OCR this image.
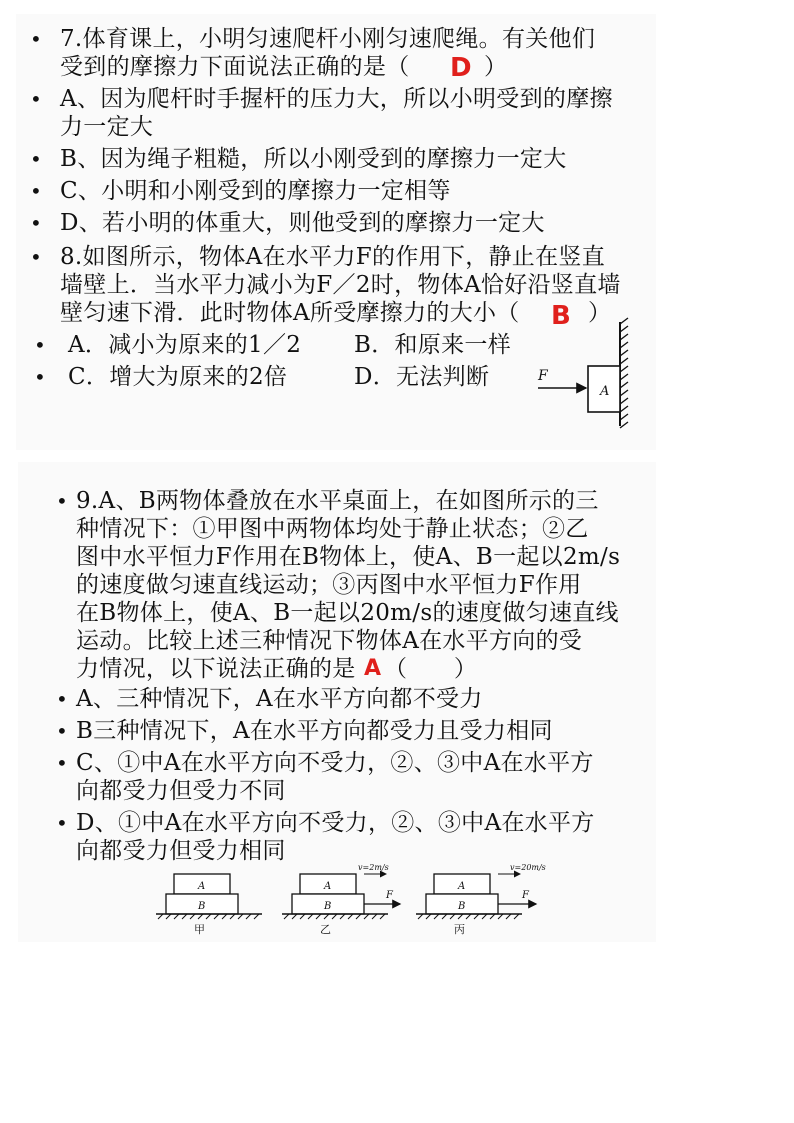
• 7.体育课上，小明匀速爬杆小刚匀速爬绳。有关他们
受到的摩擦力下面说法正确的是（ D ）
• A、因为爬杆时手握杆的压力大，所以小明受到的摩擦
力一定大
• B、因为绳子粗糙，所以小刚受到的摩擦力一定大
• C、小明和小刚受到的摩擦力一定相等
• D、若小明的体重大，则他受到的摩擦力一定大
• 8.如图所示，物体A在水平力F的作用下，静止在竖直
墙壁上．当水平力减小为F／2时，物体A恰好沿竖直墙
壁匀速下滑．此时物体A所受摩擦力的大小（ B ）
• A．减小为原来的1／2 B．和原来一样
• C．增大为原来的2倍	D．无法判断
A
F
• 9.A、B两物体叠放在水平桌面上，在如图所示的三
种情况下：①甲图中两物体均处于静止状态；②乙
图中水平恒力F作用在B物体上，使A、B一起以2m/s
的速度做匀速直线运动；③丙图中水平恒力F作用
在B物体上，使A、B一起以20m/s的速度做匀速直线
运动。比较上述三种情况下物体A在水平方向的受
力情况，以下说法正确的是 A （　　）
• A、三种情况下，A在水平方向都不受力
• B三种情况下，A在水平方向都受力且受力相同
• C、①中A在水平方向不受力，②、③中A在水平方
向都受力但受力不同
• D、①中A在水平方向不受力，②、③中A在水平方
向都受力但受力相同
A
B
甲
A
B
v=2m/s
F
乙
A
B
v=20m/s
F
丙
